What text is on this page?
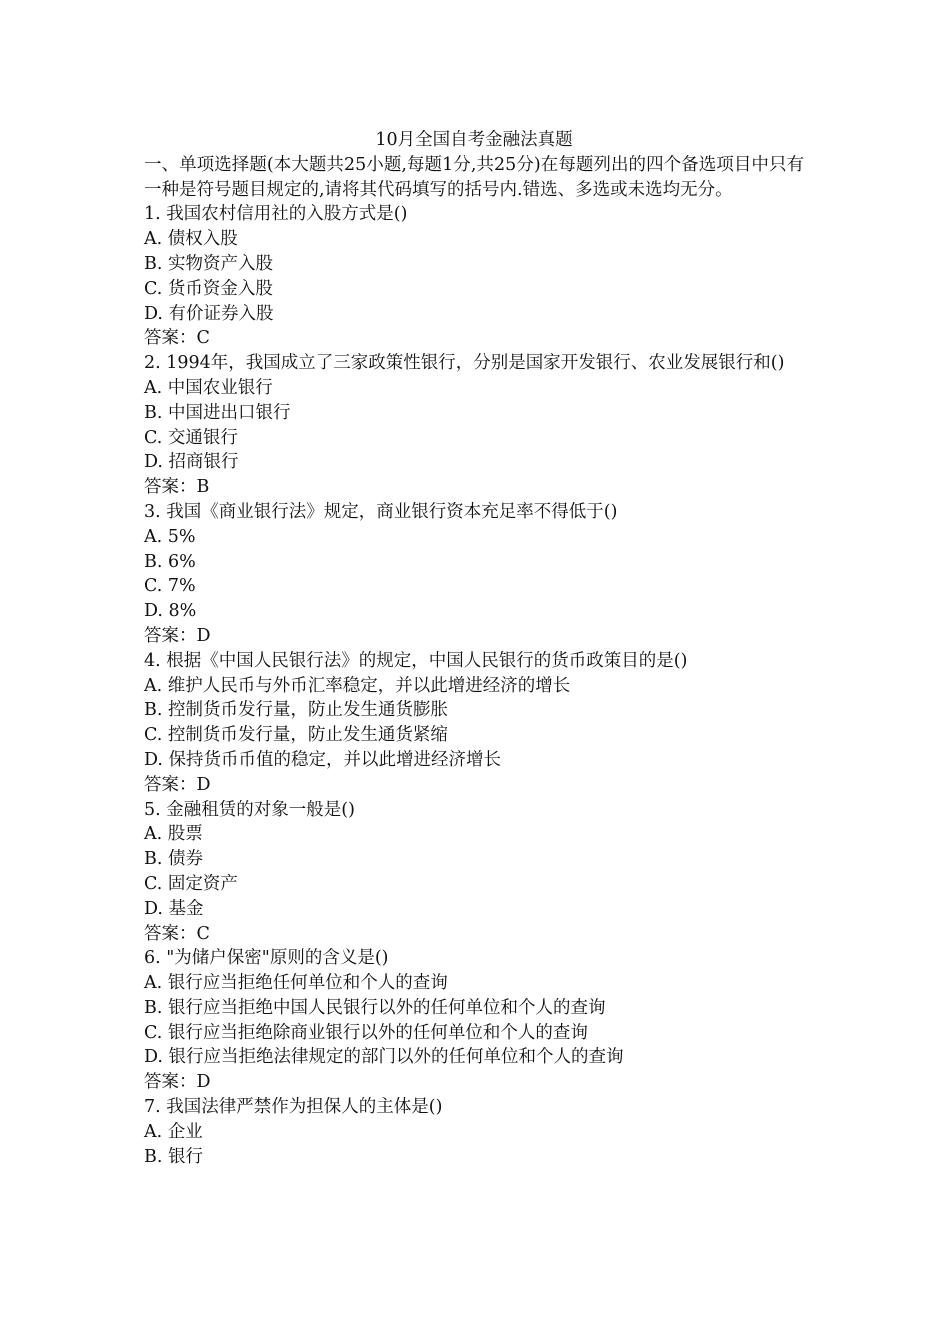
10月全国自考金融法真题

一、单项选择题(本大题共25小题,每题1分,共25分)在每题列出的四个备选项目中只有一种是符号题目规定的,请将其代码填写的括号内.错选、多选或未选均无分。

1. 我国农村信用社的入股方式是()

A. 债权入股

B. 实物资产入股

C. 货币资金入股

D. 有价证券入股

答案：C

2. 1994年，我国成立了三家政策性银行，分别是国家开发银行、农业发展银行和()

A. 中国农业银行

B. 中国进出口银行

C. 交通银行

D. 招商银行

答案：B

3. 我国《商业银行法》规定，商业银行资本充足率不得低于()

A. 5%

B. 6%

C. 7%

D. 8%

答案：D

4. 根据《中国人民银行法》的规定，中国人民银行的货币政策目的是()

A. 维护人民币与外币汇率稳定，并以此增进经济的增长

B. 控制货币发行量，防止发生通货膨胀

C. 控制货币发行量，防止发生通货紧缩

D. 保持货币币值的稳定，并以此增进经济增长

答案：D

5. 金融租赁的对象一般是()

A. 股票

B. 债券

C. 固定资产

D. 基金

答案：C

6. "为储户保密"原则的含义是()

A. 银行应当拒绝任何单位和个人的查询

B. 银行应当拒绝中国人民银行以外的任何单位和个人的查询

C. 银行应当拒绝除商业银行以外的任何单位和个人的查询

D. 银行应当拒绝法律规定的部门以外的任何单位和个人的查询

答案：D

7. 我国法律严禁作为担保人的主体是()

A. 企业

B. 银行
